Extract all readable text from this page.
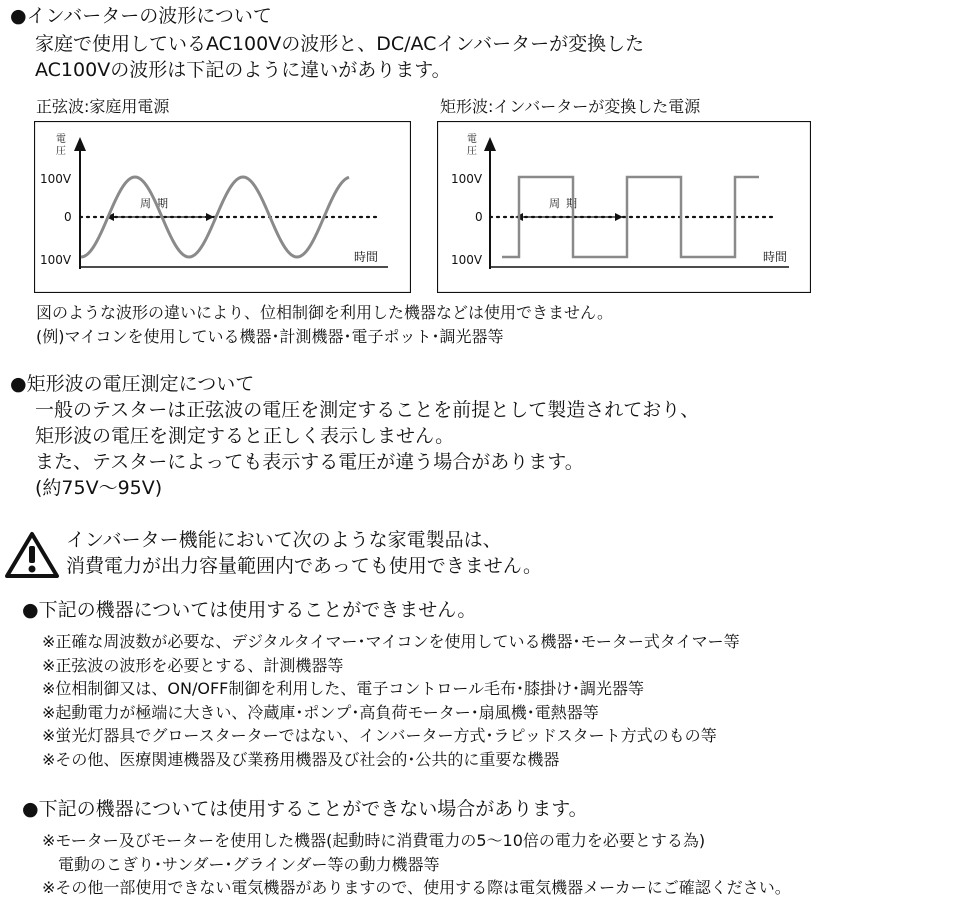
●インバーターの波形について
家庭で使用しているAC100Vの波形と、DC/ACインバーターが変換した
AC100Vの波形は下記のように違いがあります。
正弦波:家庭用電源	矩形波:インバーターが変換した電源
電
圧
100V
0
100V	時間
周期
電
圧
100V
0
100V	時間
周期
図のような波形の違いにより、位相制御を利用した機器などは使用できません。
(例)マイコンを使用している機器･計測機器･電子ポット･調光器等
●矩形波の電圧測定について
一般のテスターは正弦波の電圧を測定することを前提として製造されており、
矩形波の電圧を測定すると正しく表示しません。
また、テスターによっても表示する電圧が違う場合があります。
(約75V〜95V)
インバーター機能において次のような家電製品は、
消費電力が出力容量範囲内であっても使用できません。
●下記の機器については使用することができません。
※正確な周波数が必要な、デジタルタイマー･マイコンを使用している機器･モーター式タイマー等
※正弦波の波形を必要とする、計測機器等
※位相制御又は、ON/OFF制御を利用した、電子コントロール毛布･膝掛け･調光器等
※起動電力が極端に大きい、冷蔵庫･ポンプ･高負荷モーター･扇風機･電熱器等
※蛍光灯器具でグロースターターではない、インバーター方式･ラピッドスタート方式のもの等
※その他、医療関連機器及び業務用機器及び社会的･公共的に重要な機器
●下記の機器については使用することができない場合があります。
※モーター及びモーターを使用した機器(起動時に消費電力の5〜10倍の電力を必要とする為)
　電動のこぎり･サンダー･グラインダー等の動力機器等
※その他一部使用できない電気機器がありますので、使用する際は電気機器メーカーにご確認ください。
